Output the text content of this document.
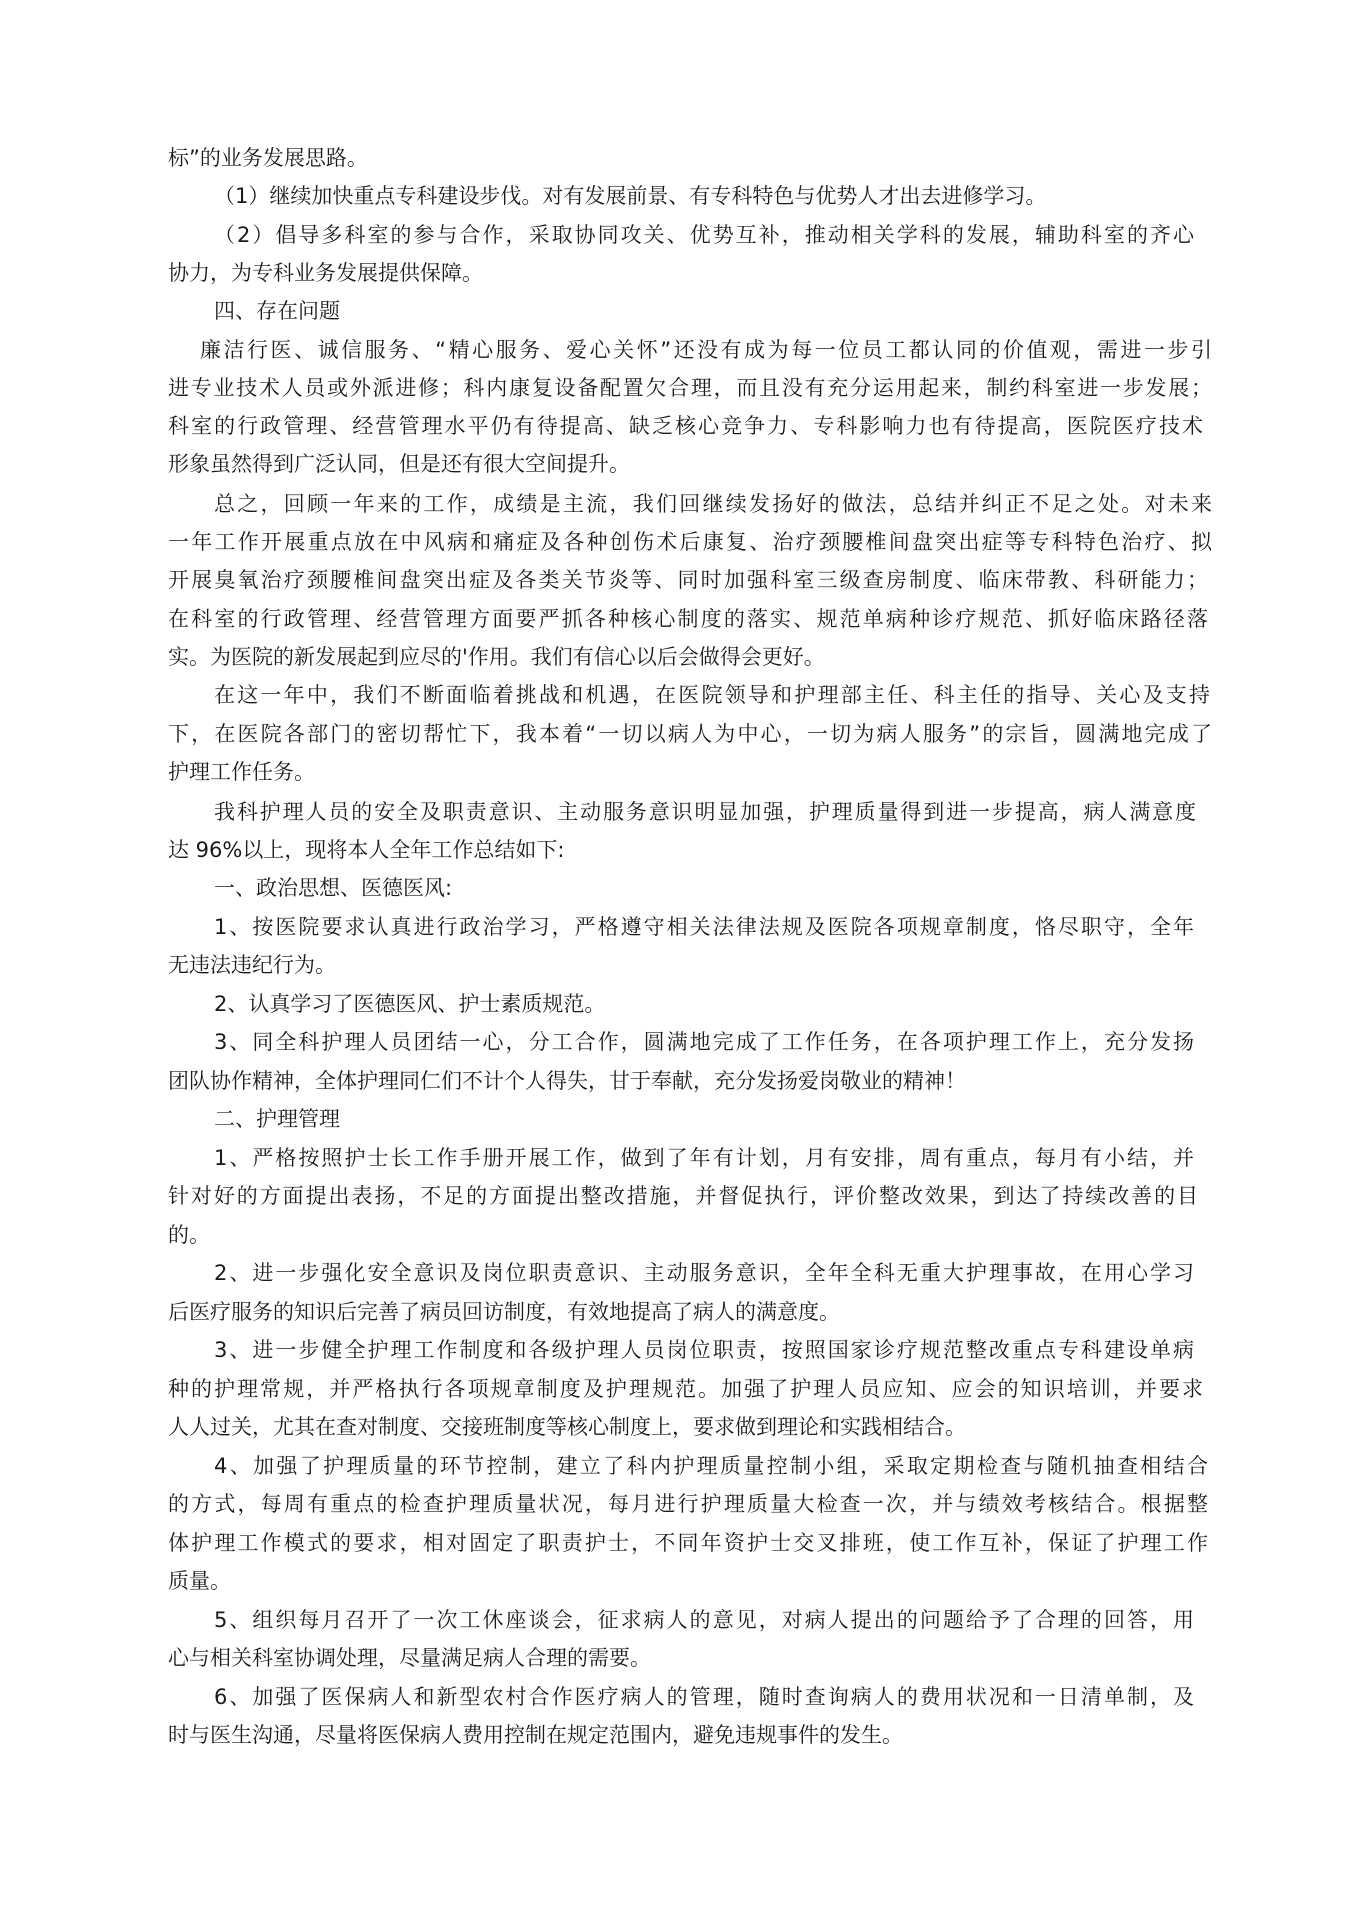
标”的业务发展思路。
（1）继续加快重点专科建设步伐。对有发展前景、有专科特色与优势人才出去进修学习。
（2）倡导多科室的参与合作，采取协同攻关、优势互补，推动相关学科的发展，辅助科室的齐心
协力，为专科业务发展提供保障。
四、存在问题
廉洁行医、诚信服务、“精心服务、爱心关怀”还没有成为每一位员工都认同的价值观，需进一步引
进专业技术人员或外派进修；科内康复设备配置欠合理，而且没有充分运用起来，制约科室进一步发展；
科室的行政管理、经营管理水平仍有待提高、缺乏核心竞争力、专科影响力也有待提高，医院医疗技术
形象虽然得到广泛认同，但是还有很大空间提升。
总之，回顾一年来的工作，成绩是主流，我们回继续发扬好的做法，总结并纠正不足之处。对未来
一年工作开展重点放在中风病和痛症及各种创伤术后康复、治疗颈腰椎间盘突出症等专科特色治疗、拟
开展臭氧治疗颈腰椎间盘突出症及各类关节炎等、同时加强科室三级查房制度、临床带教、科研能力；
在科室的行政管理、经营管理方面要严抓各种核心制度的落实、规范单病种诊疗规范、抓好临床路径落
实。为医院的新发展起到应尽的'作用。我们有信心以后会做得会更好。
在这一年中，我们不断面临着挑战和机遇，在医院领导和护理部主任、科主任的指导、关心及支持
下，在医院各部门的密切帮忙下，我本着“一切以病人为中心，一切为病人服务”的宗旨，圆满地完成了
护理工作任务。
我科护理人员的安全及职责意识、主动服务意识明显加强，护理质量得到进一步提高，病人满意度
达 96%以上，现将本人全年工作总结如下:
一、政治思想、医德医风:
1、按医院要求认真进行政治学习，严格遵守相关法律法规及医院各项规章制度，恪尽职守，全年
无违法违纪行为。
2、认真学习了医德医风、护士素质规范。
3、同全科护理人员团结一心，分工合作，圆满地完成了工作任务，在各项护理工作上，充分发扬
团队协作精神，全体护理同仁们不计个人得失，甘于奉献，充分发扬爱岗敬业的精神！
二、护理管理
1、严格按照护士长工作手册开展工作，做到了年有计划，月有安排，周有重点，每月有小结，并
针对好的方面提出表扬，不足的方面提出整改措施，并督促执行，评价整改效果，到达了持续改善的目
的。
2、进一步强化安全意识及岗位职责意识、主动服务意识，全年全科无重大护理事故，在用心学习
后医疗服务的知识后完善了病员回访制度，有效地提高了病人的满意度。
3、进一步健全护理工作制度和各级护理人员岗位职责，按照国家诊疗规范整改重点专科建设单病
种的护理常规，并严格执行各项规章制度及护理规范。加强了护理人员应知、应会的知识培训，并要求
人人过关，尤其在查对制度、交接班制度等核心制度上，要求做到理论和实践相结合。
4、加强了护理质量的环节控制，建立了科内护理质量控制小组，采取定期检查与随机抽查相结合
的方式，每周有重点的检查护理质量状况，每月进行护理质量大检查一次，并与绩效考核结合。根据整
体护理工作模式的要求，相对固定了职责护士，不同年资护士交叉排班，使工作互补，保证了护理工作
质量。
5、组织每月召开了一次工休座谈会，征求病人的意见，对病人提出的问题给予了合理的回答，用
心与相关科室协调处理，尽量满足病人合理的需要。
6、加强了医保病人和新型农村合作医疗病人的管理，随时查询病人的费用状况和一日清单制，及
时与医生沟通，尽量将医保病人费用控制在规定范围内，避免违规事件的发生。
